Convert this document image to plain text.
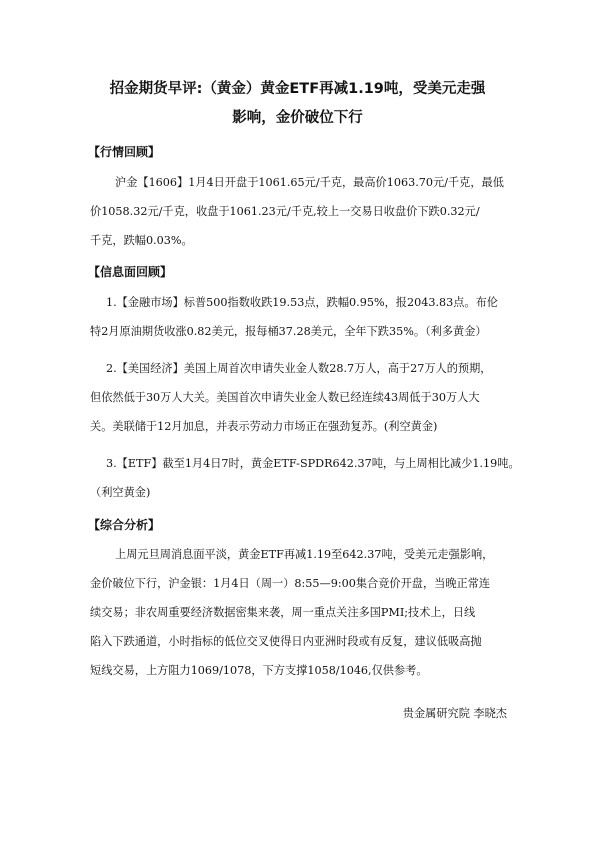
招金期货早评:（黄金）黄金ETF再减1.19吨，受美元走强
影响，金价破位下行
【行情回顾】
沪金【1606】1月4日开盘于1061.65元/千克，最高价1063.70元/千克，最低
价1058.32元/千克，收盘于1061.23元/千克,较上一交易日收盘价下跌0.32元/
千克，跌幅0.03%。
【信息面回顾】
1.【金融市场】标普500指数收跌19.53点，跌幅0.95%，报2043.83点。布伦
特2月原油期货收涨0.82美元，报每桶37.28美元，全年下跌35%。（利多黄金）
2.【美国经济】美国上周首次申请失业金人数28.7万人，高于27万人的预期，
但依然低于30万人大关。美国首次申请失业金人数已经连续43周低于30万人大
关。美联储于12月加息，并表示劳动力市场正在强劲复苏。(利空黄金)
3.【ETF】截至1月4日7时，黄金ETF-SPDR642.37吨，与上周相比减少1.19吨。
（利空黄金)
【综合分析】
上周元旦周消息面平淡，黄金ETF再减1.19至642.37吨，受美元走强影响，
金价破位下行，沪金银：1月4日（周一）8:55—9:00集合竞价开盘，当晚正常连
续交易；非农周重要经济数据密集来袭，周一重点关注多国PMI;技术上，日线
陷入下跌通道，小时指标的低位交叉使得日内亚洲时段或有反复，建议低吸高抛
短线交易，上方阻力1069/1078，下方支撑1058/1046,仅供参考。
贵金属研究院 李晓杰
